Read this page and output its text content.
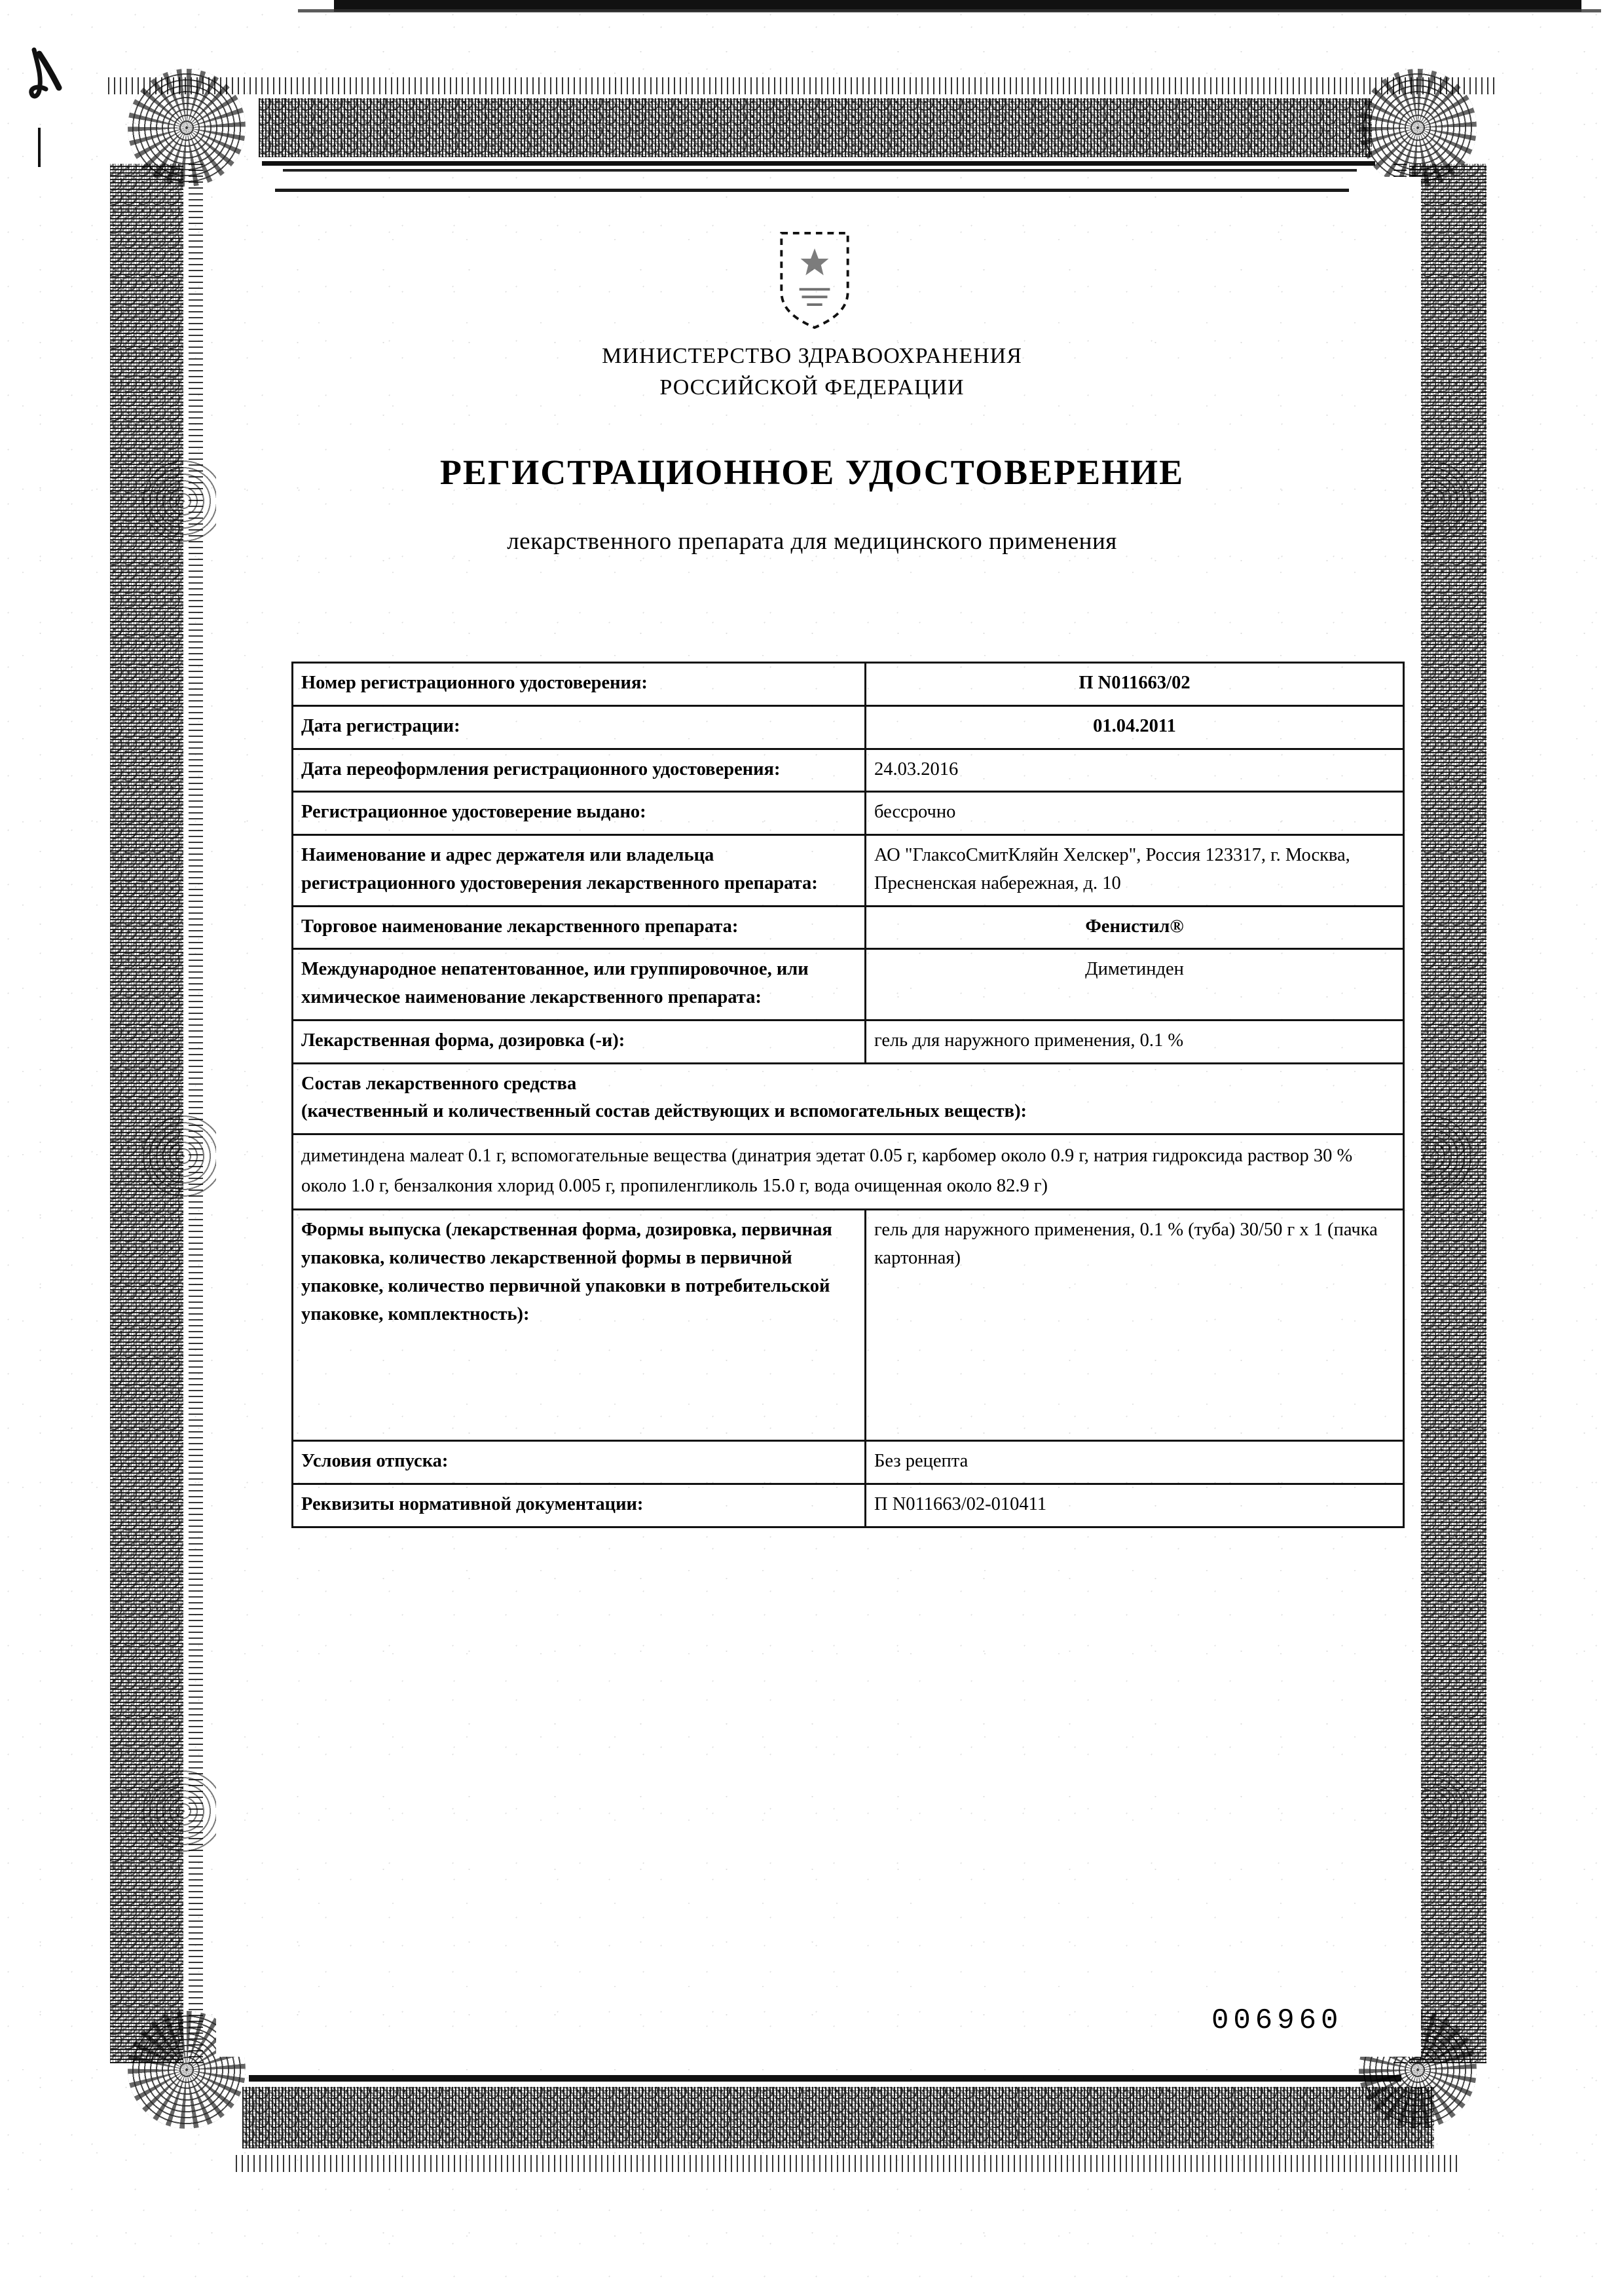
МИНИСТЕРСТВО ЗДРАВООХРАНЕНИЯ
РОССИЙСКОЙ ФЕДЕРАЦИИ
РЕГИСТРАЦИОННОЕ УДОСТОВЕРЕНИЕ
лекарственного препарата для медицинского применения
Номер регистрационного удостоверения:	П N011663/02
Дата регистрации:	01.04.2011
Дата переоформления регистрационного удостоверения:	24.03.2016
Регистрационное удостоверение выдано:	бессрочно
Наименование и адрес держателя или владельца регистрационного удостоверения лекарственного препарата:	АО "ГлаксоСмитКляйн Хелскер", Россия 123317, г. Москва, Пресненская набережная, д. 10
Торговое наименование лекарственного препарата:	Фенистил®
Международное непатентованное, или группировочное, или химическое наименование лекарственного препарата:	Диметинден
Лекарственная форма, дозировка (-и):	гель для наружного применения, 0.1 %

Состав лекарственного средства
(качественный и количественный состав действующих и вспомогательных веществ):	

диметиндена малеат 0.1 г, вспомогательные вещества (динатрия эдетат 0.05 г, карбомер около 0.9 г, натрия гидроксида раствор 30 % около 1.0 г, бензалкония хлорид 0.005 г, пропиленгликоль 15.0 г, вода очищенная около 82.9 г)	
Формы выпуска (лекарственная форма, дозировка, первичная упаковка, количество лекарственной формы в первичной упаковке, количество первичной упаковки в потребительской упаковке, комплектность):	гель для наружного применения, 0.1 % (туба) 30/50 г х 1 (пачка картонная)
Условия отпуска:	Без рецепта
Реквизиты нормативной документации:	П N011663/02-010411
006960
